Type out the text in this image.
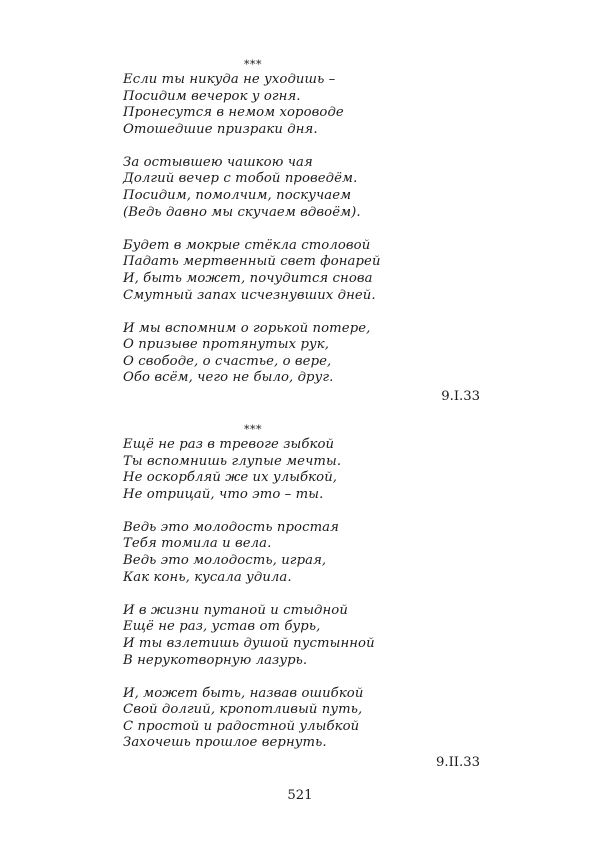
***
Если ты никуда не уходишь –
Посидим вечерок у огня.
Пронесутся в немом хороводе
Отошедшие призраки дня.
За остывшею чашкою чая
Долгий вечер с тобой проведём.
Посидим, помолчим, поскучаем
(Ведь давно мы скучаем вдвоём).
Будет в мокрые стёкла столовой
Падать мертвенный свет фонарей
И, быть может, почудится снова
Смутный запах исчезнувших дней.
И мы вспомним о горькой потере,
О призыве протянутых рук,
О свободе, о счастье, о вере,
Обо всём, чего не было, друг.
9.I.33
***
Ещё не раз в тревоге зыбкой
Ты вспомнишь глупые мечты.
Не оскорбляй же их улыбкой,
Не отрицай, что это – ты.
Ведь это молодость простая
Тебя томила и вела.
Ведь это молодость, играя,
Как конь, кусала удила.
И в жизни путаной и стыдной
Ещё не раз, устав от бурь,
И ты взлетишь душой пустынной
В нерукотворную лазурь.
И, может быть, назвав ошибкой
Свой долгий, кропотливый путь,
С простой и радостной улыбкой
Захочешь прошлое вернуть.
9.II.33
521
